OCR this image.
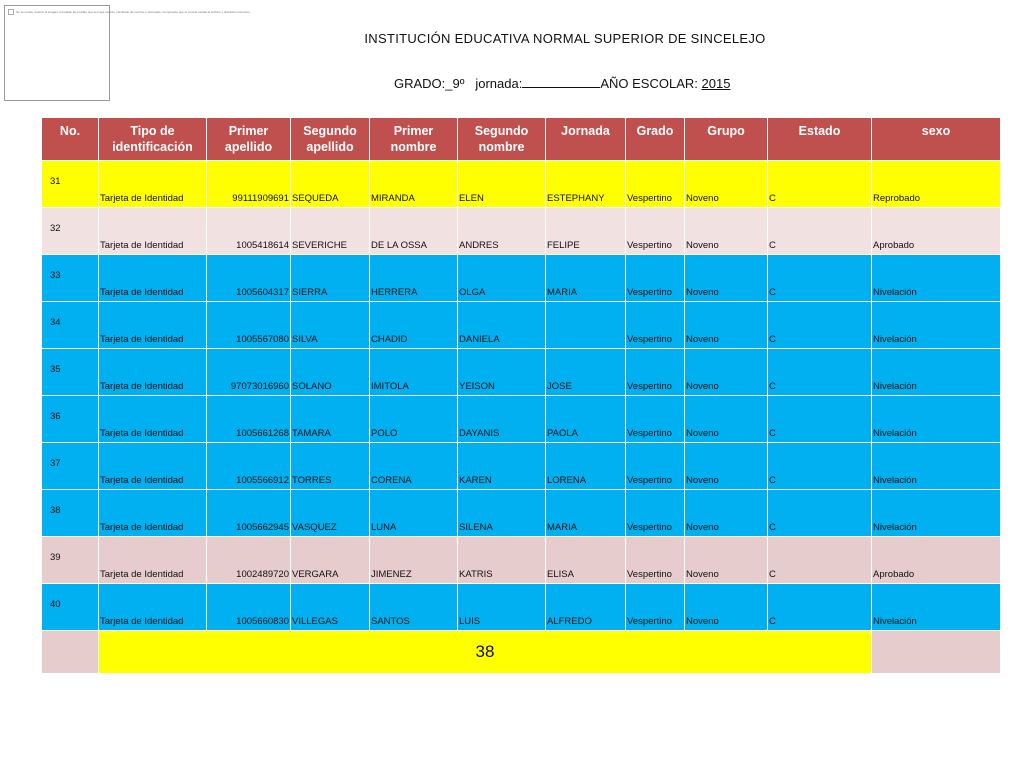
No se puede mostrar la imagen vinculada. Es posible que se haya movido, cambiado de nombre o eliminado. Compruebe que el vínculo señala al archivo y ubicación correctos.
INSTITUCIÓN EDUCATIVA NORMAL SUPERIOR DE SINCELEJO
GRADO:_9º jornada:	AÑO ESCOLAR: 2015
No.	Tipo de identificación	Primer apellido	Segundo apellido	Primer nombre	Segundo nombre	Jornada	Grado	Grupo	Estado	sexo
31	Tarjeta de Identidad	99111909691	SEQUEDA	MIRANDA	ELEN	ESTEPHANY	Vespertino	Noveno	C	Reprobado
32	Tarjeta de Identidad	1005418614	SEVERICHE	DE LA OSSA	ANDRES	FELIPE	Vespertino	Noveno	C	Aprobado
33	Tarjeta de Identidad	1005604317	SIERRA	HERRERA	OLGA	MARIA	Vespertino	Noveno	C	Nivelación
34	Tarjeta de Identidad	1005567080	SILVA	CHADID	DANIELA		Vespertino	Noveno	C	Nivelación
35	Tarjeta de Identidad	97073016960	SOLANO	IMITOLA	YEISON	JOSE	Vespertino	Noveno	C	Nivelación
36	Tarjeta de Identidad	1005661268	TAMARA	POLO	DAYANIS	PAOLA	Vespertino	Noveno	C	Nivelación
37	Tarjeta de Identidad	1005566912	TORRES	CORENA	KAREN	LORENA	Vespertino	Noveno	C	Nivelación
38	Tarjeta de Identidad	1005662945	VASQUEZ	LUNA	SILENA	MARIA	Vespertino	Noveno	C	Nivelación
39	Tarjeta de Identidad	1002489720	VERGARA	JIMENEZ	KATRIS	ELISA	Vespertino	Noveno	C	Aprobado
40	Tarjeta de Identidad	1005660830	VILLEGAS	SANTOS	LUIS	ALFREDO	Vespertino	Noveno	C	Nivelación
	38									
